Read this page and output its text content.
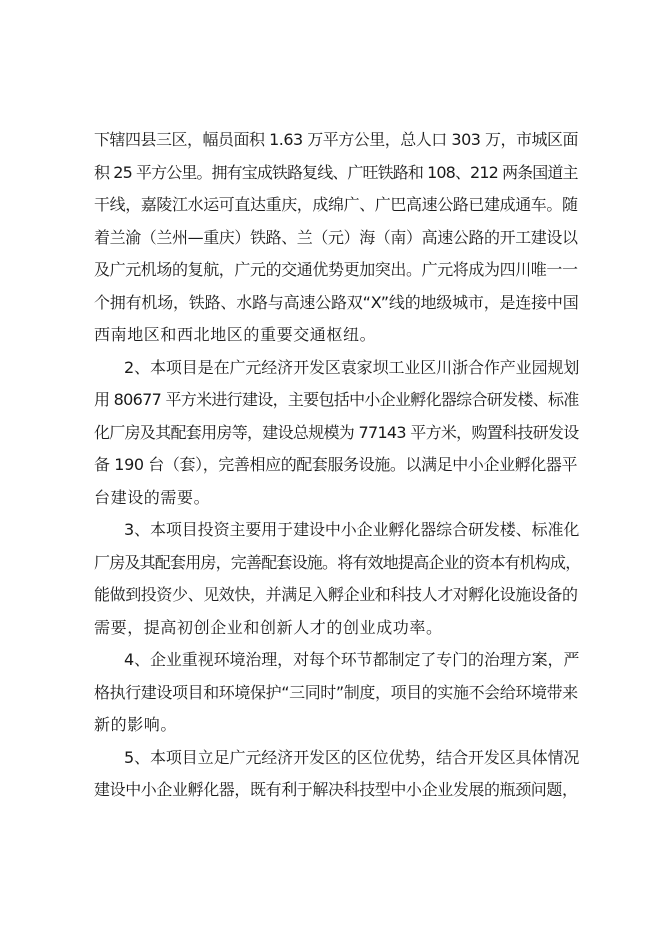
下辖四县三区，幅员面积 1.63 万平方公里，总人口 303 万，市城区面
积 25 平方公里。拥有宝成铁路复线、广旺铁路和 108、212 两条国道主
干线，嘉陵江水运可直达重庆，成绵广、广巴高速公路已建成通车。随
着兰渝（兰州—重庆）铁路、兰（元）海（南）高速公路的开工建设以
及广元机场的复航，广元的交通优势更加突出。广元将成为四川唯一一
个拥有机场，铁路、水路与高速公路双“X”线的地级城市，是连接中国
西南地区和西北地区的重要交通枢纽。
2、本项目是在广元经济开发区袁家坝工业区川浙合作产业园规划
用 80677 平方米进行建设，主要包括中小企业孵化器综合研发楼、标准
化厂房及其配套用房等，建设总规模为 77143 平方米，购置科技研发设
备 190 台（套），完善相应的配套服务设施。以满足中小企业孵化器平
台建设的需要。
3、本项目投资主要用于建设中小企业孵化器综合研发楼、标准化
厂房及其配套用房，完善配套设施。将有效地提高企业的资本有机构成，
能做到投资少、见效快，并满足入孵企业和科技人才对孵化设施设备的
需要，提高初创企业和创新人才的创业成功率。
4、企业重视环境治理，对每个环节都制定了专门的治理方案，严
格执行建设项目和环境保护“三同时”制度，项目的实施不会给环境带来
新的影响。
5、本项目立足广元经济开发区的区位优势，结合开发区具体情况
建设中小企业孵化器，既有利于解决科技型中小企业发展的瓶颈问题，
